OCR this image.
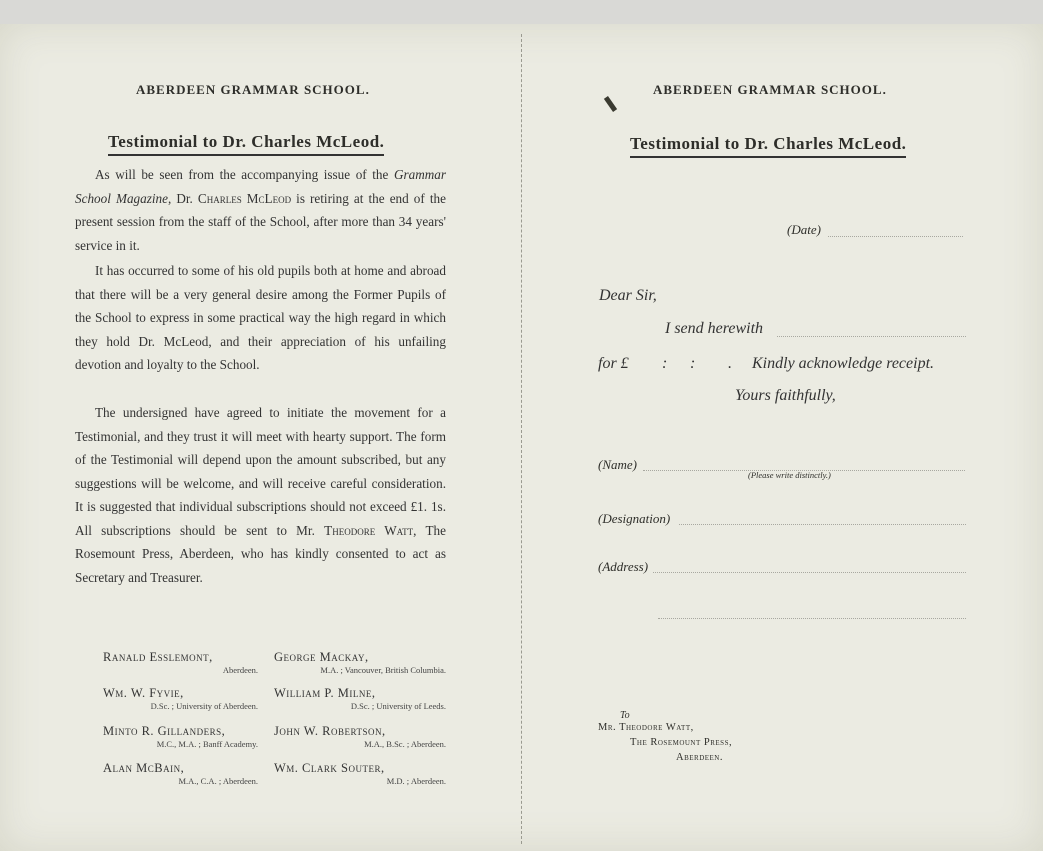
ABERDEEN GRAMMAR SCHOOL.
Testimonial to Dr. Charles McLeod.
As will be seen from the accompanying issue of the Grammar School Magazine, Dr. Charles McLeod is retiring at the end of the present session from the staff of the School, after more than 34 years' service in it.
It has occurred to some of his old pupils both at home and abroad that there will be a very general desire among the Former Pupils of the School to express in some practical way the high regard in which they hold Dr. McLeod, and their appreciation of his unfailing devotion and loyalty to the School.
The undersigned have agreed to initiate the movement for a Testimonial, and they trust it will meet with hearty support. The form of the Testimonial will depend upon the amount subscribed, but any suggestions will be welcome, and will receive careful consideration. It is suggested that individual subscriptions should not exceed £1. 1s. All subscriptions should be sent to Mr. Theodore Watt, The Rosemount Press, Aberdeen, who has kindly consented to act as Secretary and Treasurer.
Ranald Esslemont,
Aberdeen.
George Mackay,
M.A. ; Vancouver, British Columbia.
Wm. W. Fyvie,
D.Sc. ; University of Aberdeen.
William P. Milne,
D.Sc. ; University of Leeds.
Minto R. Gillanders,
M.C., M.A. ; Banff Academy.
John W. Robertson,
M.A., B.Sc. ; Aberdeen.
Alan McBain,
M.A., C.A. ; Aberdeen.
Wm. Clark Souter,
M.D. ; Aberdeen.
ABERDEEN GRAMMAR SCHOOL.
Testimonial to Dr. Charles McLeod.
(Date)
Dear Sir,
I send herewith
for £ : : . Kindly acknowledge receipt.
Yours faithfully,
(Name)
(Please write distinctly.)
(Designation)
(Address)
To
Mr. Theodore Watt,
The Rosemount Press,
Aberdeen.
